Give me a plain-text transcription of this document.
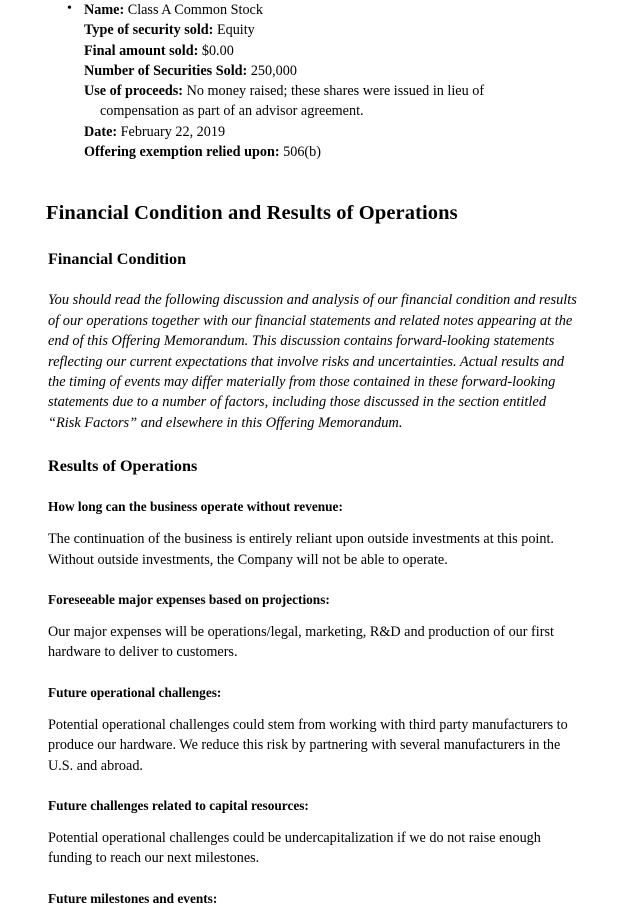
• Name: Class A Common Stock
Type of security sold: Equity
Final amount sold: $0.00
Number of Securities Sold: 250,000
Use of proceeds: No money raised; these shares were issued in lieu of
compensation as part of an advisor agreement.
Date: February 22, 2019
Offering exemption relied upon: 506(b)
Financial Condition and Results of Operations
Financial Condition

You should read the following discussion and analysis of our financial condition and results of our operations together with our financial statements and related notes appearing at the end of this Offering Memorandum. This discussion contains forward-looking statements reflecting our current expectations that involve risks and uncertainties. Actual results and the timing of events may differ materially from those contained in these forward-looking statements due to a number of factors, including those discussed in the section entitled “Risk Factors” and elsewhere in this Offering Memorandum.

Results of Operations
How long can the business operate without revenue:

The continuation of the business is entirely reliant upon outside investments at this point. Without outside investments, the Company will not be able to operate.

Foreseeable major expenses based on projections:

Our major expenses will be operations/legal, marketing, R&D and production of our first hardware to deliver to customers.

Future operational challenges:

Potential operational challenges could stem from working with third party manufacturers to produce our hardware. We reduce this risk by partnering with several manufacturers in the U.S. and abroad.

Future challenges related to capital resources:

Potential operational challenges could be undercapitalization if we do not raise enough funding to reach our next milestones.

Future milestones and events:
